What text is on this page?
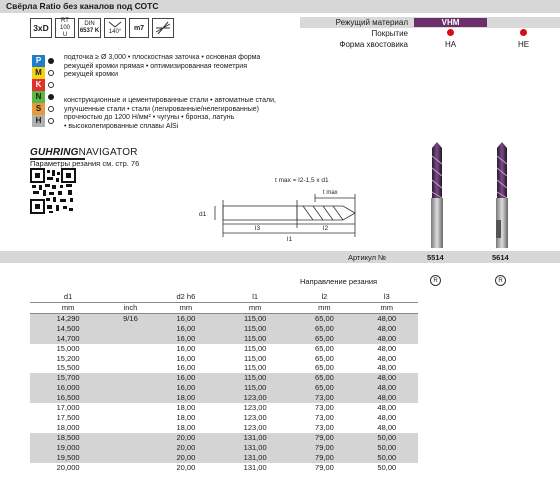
Свёрла Ratio без каналов под СОТС
3xD
RT 100
U
DIN
6537 K 140° m7
Режущий материал	VHM
Покрытие
Форма хвостовика	HA	HE
P
M
K
N
S
H
подточка ≥ Ø 3,000 • плоскостная заточка • основная форма
режущей кромки прямая • оптимизированная геометрия
режущей кромки
конструкционные и цементированные стали • автоматные стали,
улучшенные стали • стали (легированные/нелегированные)
прочностью до 1200 Н/мм² • чугуны • бронза, латунь
• высоколегированные сплавы AlSi
GUHRINGNAVIGATOR
Параметры резания см. стр. 76
t max = l2-1,5 x d1
t max
d1
l3	l2
l1
Артикул №	5514	5614
Направление резания	R	R
d1		d2 h6	l1	l2	l3
mm	inch	mm	mm	mm	mm
14,290	9/16	16,00	115,00	65,00	48,00
14,500		16,00	115,00	65,00	48,00
14,700		16,00	115,00	65,00	48,00
15,000		16,00	115,00	65,00	48,00
15,200		16,00	115,00	65,00	48,00
15,500		16,00	115,00	65,00	48,00
15,700		16,00	115,00	65,00	48,00
16,000		16,00	115,00	65,00	48,00
16,500		18,00	123,00	73,00	48,00
17,000		18,00	123,00	73,00	48,00
17,500		18,00	123,00	73,00	48,00
18,000		18,00	123,00	73,00	48,00
18,500		20,00	131,00	79,00	50,00
19,000		20,00	131,00	79,00	50,00
19,500		20,00	131,00	79,00	50,00
20,000		20,00	131,00	79,00	50,00
